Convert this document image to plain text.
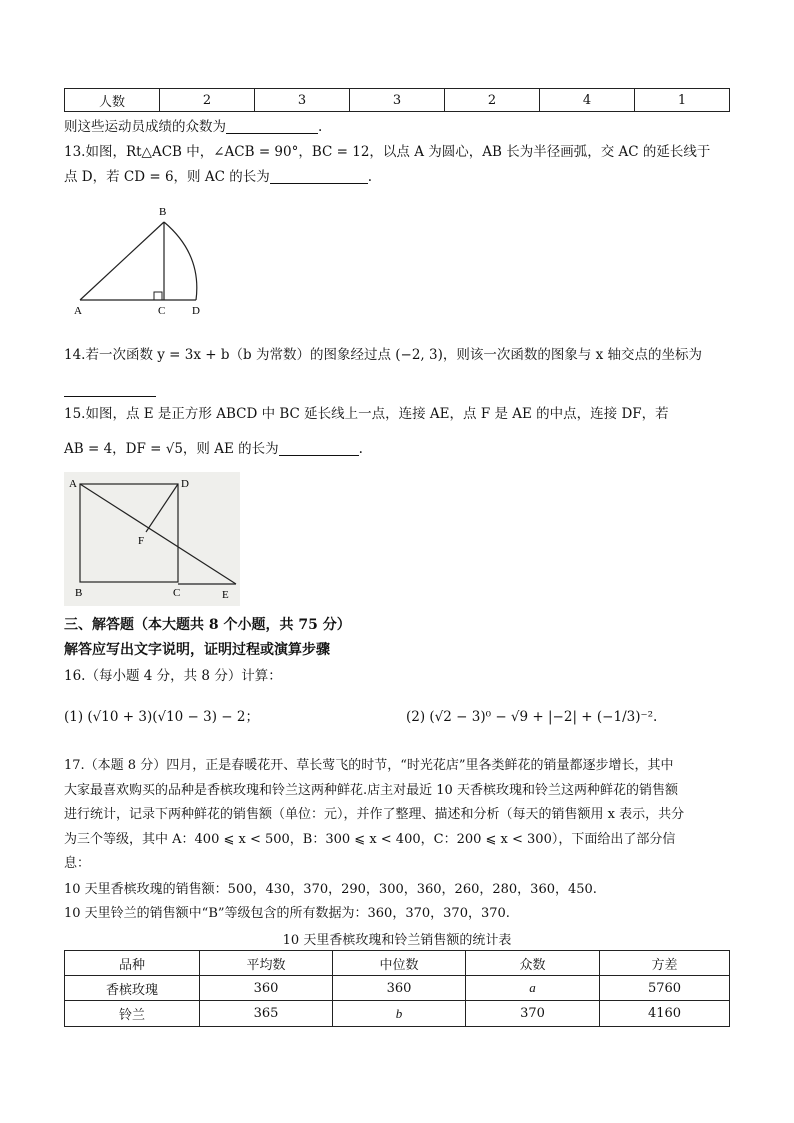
人数	2	3	3	2	4	1
则这些运动员成绩的众数为	.
13.如图，Rt△ACB 中，∠ACB = 90°，BC = 12，以点 A 为圆心，AB 长为半径画弧，交 AC 的延长线于
点 D，若 CD = 6，则 AC 的长为	.
B
A	C D
14.若一次函数 y = 3x + b（b 为常数）的图象经过点 (−2, 3)，则该一次函数的图象与 x 轴交点的坐标为
15.如图，点 E 是正方形 ABCD 中 BC 延长线上一点，连接 AE，点 F 是 AE 的中点，连接 DF，若
AB = 4，DF = √5，则 AE 的长为	.
A	D
F
B	C	E
三、解答题（本大题共 8 个小题，共 75 分）
解答应写出文字说明，证明过程或演算步骤
16.（每小题 4 分，共 8 分）计算：
(1) (√10 + 3)(√10 − 3) − 2；	(2) (√2 − 3)⁰ − √9 + |−2| + (−1/3)⁻².
17.（本题 8 分）四月，正是春暖花开、草长莺飞的时节，“时光花店”里各类鲜花的销量都逐步增长，其中
大家最喜欢购买的品种是香槟玫瑰和铃兰这两种鲜花.店主对最近 10 天香槟玫瑰和铃兰这两种鲜花的销售额
进行统计，记录下两种鲜花的销售额（单位：元），并作了整理、描述和分析（每天的销售额用 x 表示，共分
为三个等级，其中 A：400 ⩽ x < 500，B：300 ⩽ x < 400，C：200 ⩽ x < 300），下面给出了部分信
息：
10 天里香槟玫瑰的销售额：500，430，370，290，300，360，260，280，360，450.
10 天里铃兰的销售额中“B”等级包含的所有数据为：360，370，370，370.
10 天里香槟玫瑰和铃兰销售额的统计表
品种	平均数	中位数	众数	方差
香槟玫瑰	360	360	a	5760
铃兰	365	b	370	4160
